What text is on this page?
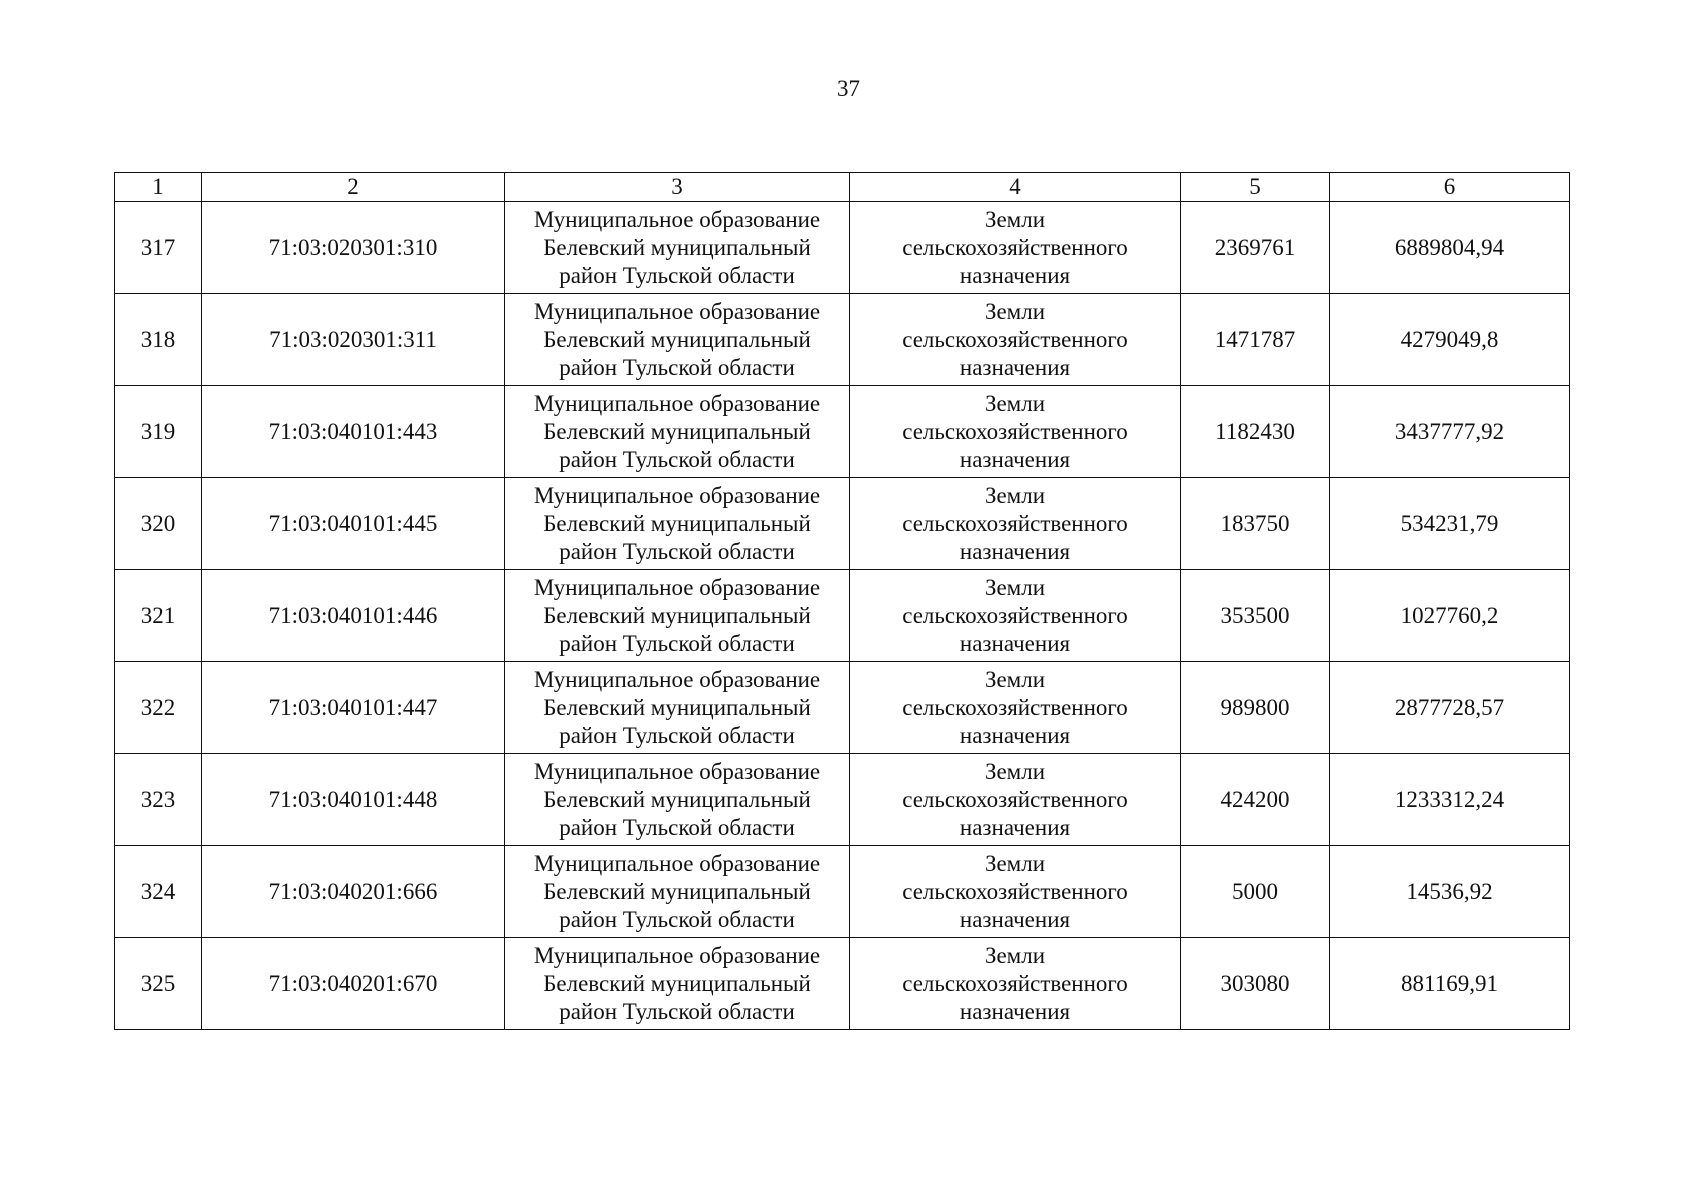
37
1	2	3	4	5	6
317	71:03:020301:310	Муниципальное образование
Белевский муниципальный
район Тульской области	Земли
сельскохозяйственного
назначения	2369761	6889804,94
318	71:03:020301:311	Муниципальное образование
Белевский муниципальный
район Тульской области	Земли
сельскохозяйственного
назначения	1471787	4279049,8
319	71:03:040101:443	Муниципальное образование
Белевский муниципальный
район Тульской области	Земли
сельскохозяйственного
назначения	1182430	3437777,92
320	71:03:040101:445	Муниципальное образование
Белевский муниципальный
район Тульской области	Земли
сельскохозяйственного
назначения	183750	534231,79
321	71:03:040101:446	Муниципальное образование
Белевский муниципальный
район Тульской области	Земли
сельскохозяйственного
назначения	353500	1027760,2
322	71:03:040101:447	Муниципальное образование
Белевский муниципальный
район Тульской области	Земли
сельскохозяйственного
назначения	989800	2877728,57
323	71:03:040101:448	Муниципальное образование
Белевский муниципальный
район Тульской области	Земли
сельскохозяйственного
назначения	424200	1233312,24
324	71:03:040201:666	Муниципальное образование
Белевский муниципальный
район Тульской области	Земли
сельскохозяйственного
назначения	5000	14536,92
325	71:03:040201:670	Муниципальное образование
Белевский муниципальный
район Тульской области	Земли
сельскохозяйственного
назначения	303080	881169,91
